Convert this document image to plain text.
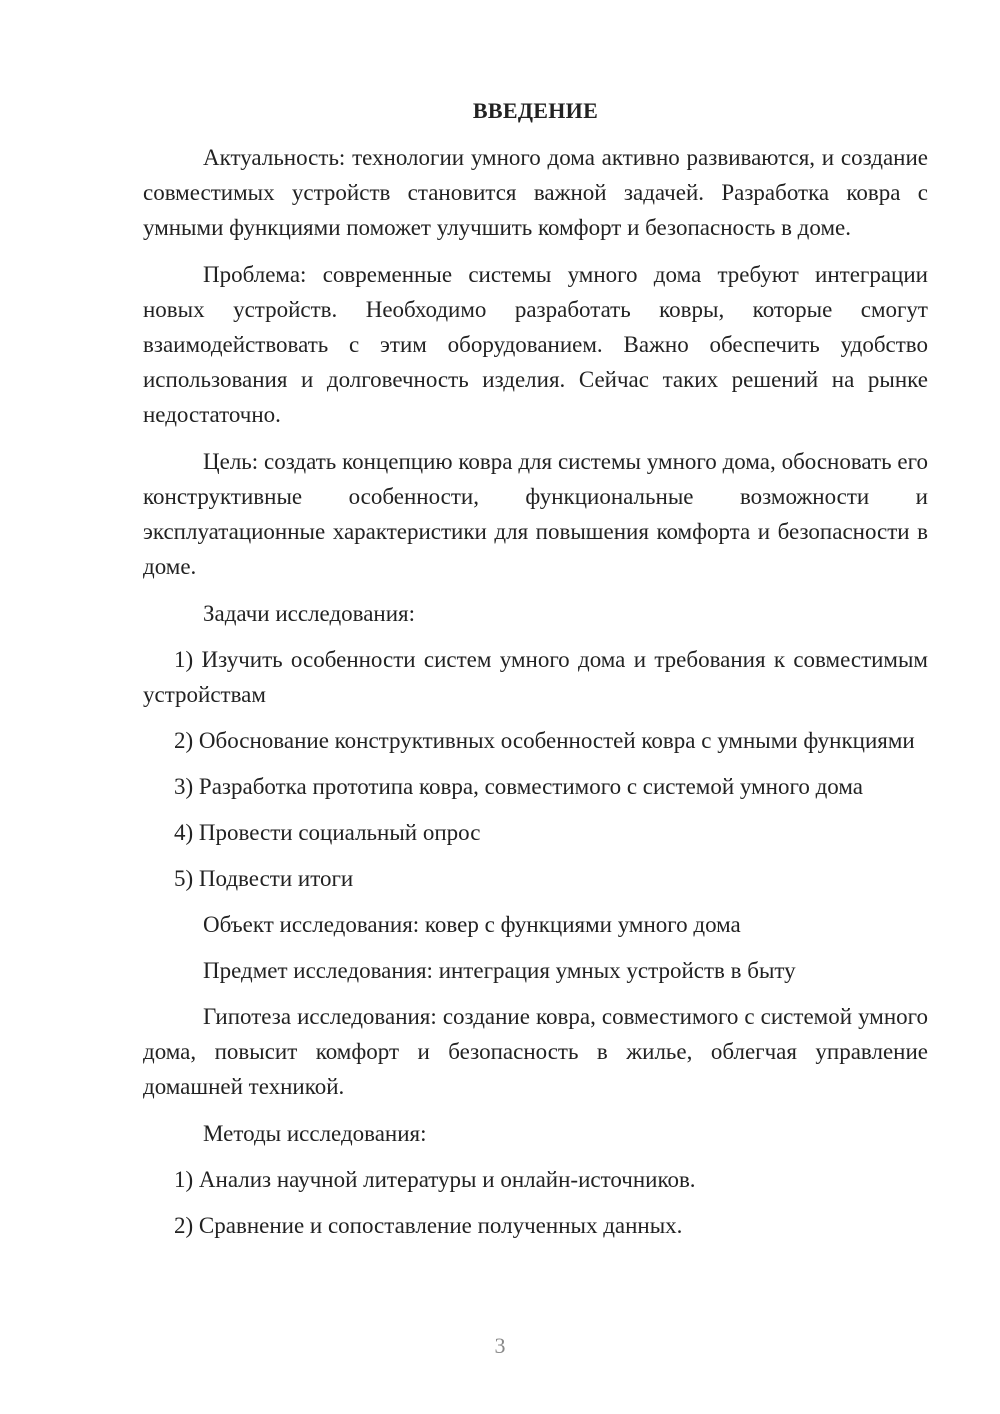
ВВЕДЕНИЕ

Актуальность: технологии умного дома активно развиваются, и создание совместимых устройств становится важной задачей. Разработка ковра с умными функциями поможет улучшить комфорт и безопасность в доме.

Проблема: современные системы умного дома требуют интеграции новых устройств. Необходимо разработать ковры, которые смогут взаимодействовать с этим оборудованием. Важно обеспечить удобство использования и долговечность изделия. Сейчас таких решений на рынке недостаточно.

Цель: создать концепцию ковра для системы умного дома, обосновать его конструктивные особенности, функциональные возможности и эксплуатационные характеристики для повышения комфорта и безопасности в доме.

Задачи исследования:

1) Изучить особенности систем умного дома и требования к совместимым устройствам

2) Обоснование конструктивных особенностей ковра с умными функциями

3) Разработка прототипа ковра, совместимого с системой умного дома

4) Провести социальный опрос

5) Подвести итоги

Объект исследования: ковер с функциями умного дома

Предмет исследования: интеграция умных устройств в быту

Гипотеза исследования: создание ковра, совместимого с системой умного дома, повысит комфорт и безопасность в жилье, облегчая управление домашней техникой.

Методы исследования:

1) Анализ научной литературы и онлайн-источников.

2) Сравнение и сопоставление полученных данных.

3
